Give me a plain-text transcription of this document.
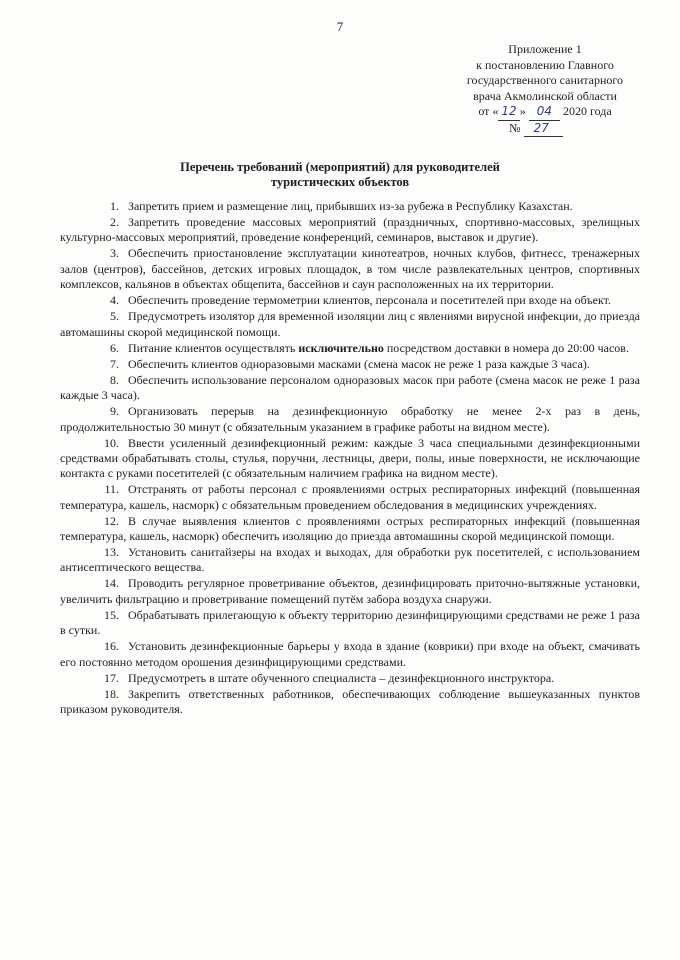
7
Приложение 1
к постановлению Главного
государственного санитарного
врача Акмолинской области
от « 12 » 04 2020 года
№ 27
Перечень требований (мероприятий) для руководителей
туристических объектов
1. Запретить прием и размещение лиц, прибывших из-за рубежа в Республику Казахстан.
2. Запретить проведение массовых мероприятий (праздничных, спортивно-массовых, зрелищных культурно-массовых мероприятий, проведение конференций, семинаров, выставок и другие).
3. Обеспечить приостановление эксплуатации кинотеатров, ночных клубов, фитнесс, тренажерных залов (центров), бассейнов, детских игровых площадок, в том числе развлекательных центров, спортивных комплексов, кальянов в объектах общепита, бассейнов и саун расположенных на их территории.
4. Обеспечить проведение термометрии клиентов, персонала и посетителей при входе на объект.
5. Предусмотреть изолятор для временной изоляции лиц с явлениями вирусной инфекции, до приезда автомашины скорой медицинской помощи.
6. Питание клиентов осуществлять исключительно посредством доставки в номера до 20:00 часов.
7. Обеспечить клиентов одноразовыми масками (смена масок не реже 1 раза каждые 3 часа).
8. Обеспечить использование персоналом одноразовых масок при работе (смена масок не реже 1 раза каждые 3 часа).
9. Организовать перерыв на дезинфекционную обработку не менее 2-х раз в день, продолжительностью 30 минут (с обязательным указанием в графике работы на видном месте).
10. Ввести усиленный дезинфекционный режим: каждые 3 часа специальными дезинфекционными средствами обрабатывать столы, стулья, поручни, лестницы, двери, полы, иные поверхности, не исключающие контакта с руками посетителей (с обязательным наличием графика на видном месте).
11. Отстранять от работы персонал с проявлениями острых респираторных инфекций (повышенная температура, кашель, насморк) с обязательным проведением обследования в медицинских учреждениях.
12. В случае выявления клиентов с проявлениями острых респираторных инфекций (повышенная температура, кашель, насморк) обеспечить изоляцию до приезда автомашины скорой медицинской помощи.
13. Установить санитайзеры на входах и выходах, для обработки рук посетителей, с использованием антисептического вещества.
14. Проводить регулярное проветривание объектов, дезинфицировать приточно-вытяжные установки, увеличить фильтрацию и проветривание помещений путём забора воздуха снаружи.
15. Обрабатывать прилегающую к объекту территорию дезинфицирующими средствами не реже 1 раза в сутки.
16. Установить дезинфекционные барьеры у входа в здание (коврики) при входе на объект, смачивать его постоянно методом орошения дезинфицирующими средствами.
17. Предусмотреть в штате обученного специалиста – дезинфекционного инструктора.
18. Закрепить ответственных работников, обеспечивающих соблюдение вышеуказанных пунктов приказом руководителя.
